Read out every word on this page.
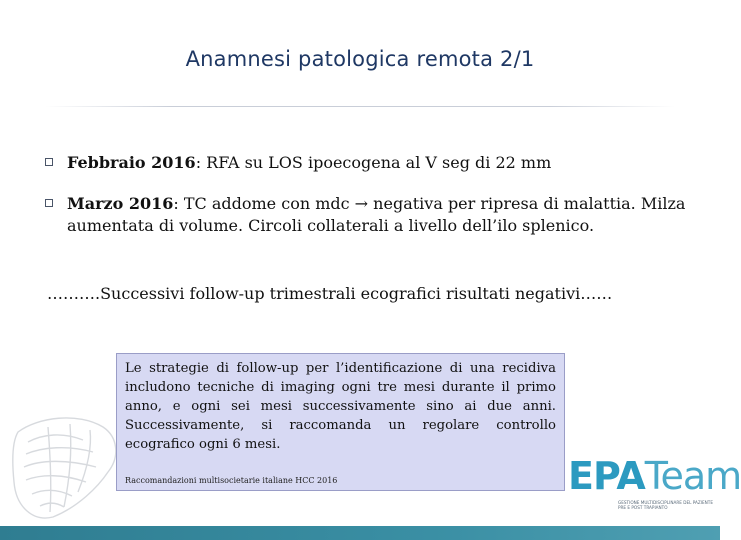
Anamnesi patologica remota 2/1
Febbraio 2016: RFA su LOS ipoecogena al V seg di 22 mm
Marzo 2016: TC addome con mdc → negativa per ripresa di malattia. Milza aumentata di volume. Circoli collaterali a livello dell’ilo splenico.
……….Successivi follow-up trimestrali ecografici risultati negativi……

Le strategie di follow-up per l’identificazione di una recidiva includono tecniche di imaging ogni tre mesi durante il primo anno, e ogni sei mesi successivamente sino ai due anni. Successivamente, si raccomanda un regolare controllo ecografico ogni 6 mesi.

Raccomandazioni multisocietarie italiane HCC 2016	EPATeam
GESTIONE MULTIDISCIPLINARE DEL PAZIENTE PRE E POST TRAPIANTO
